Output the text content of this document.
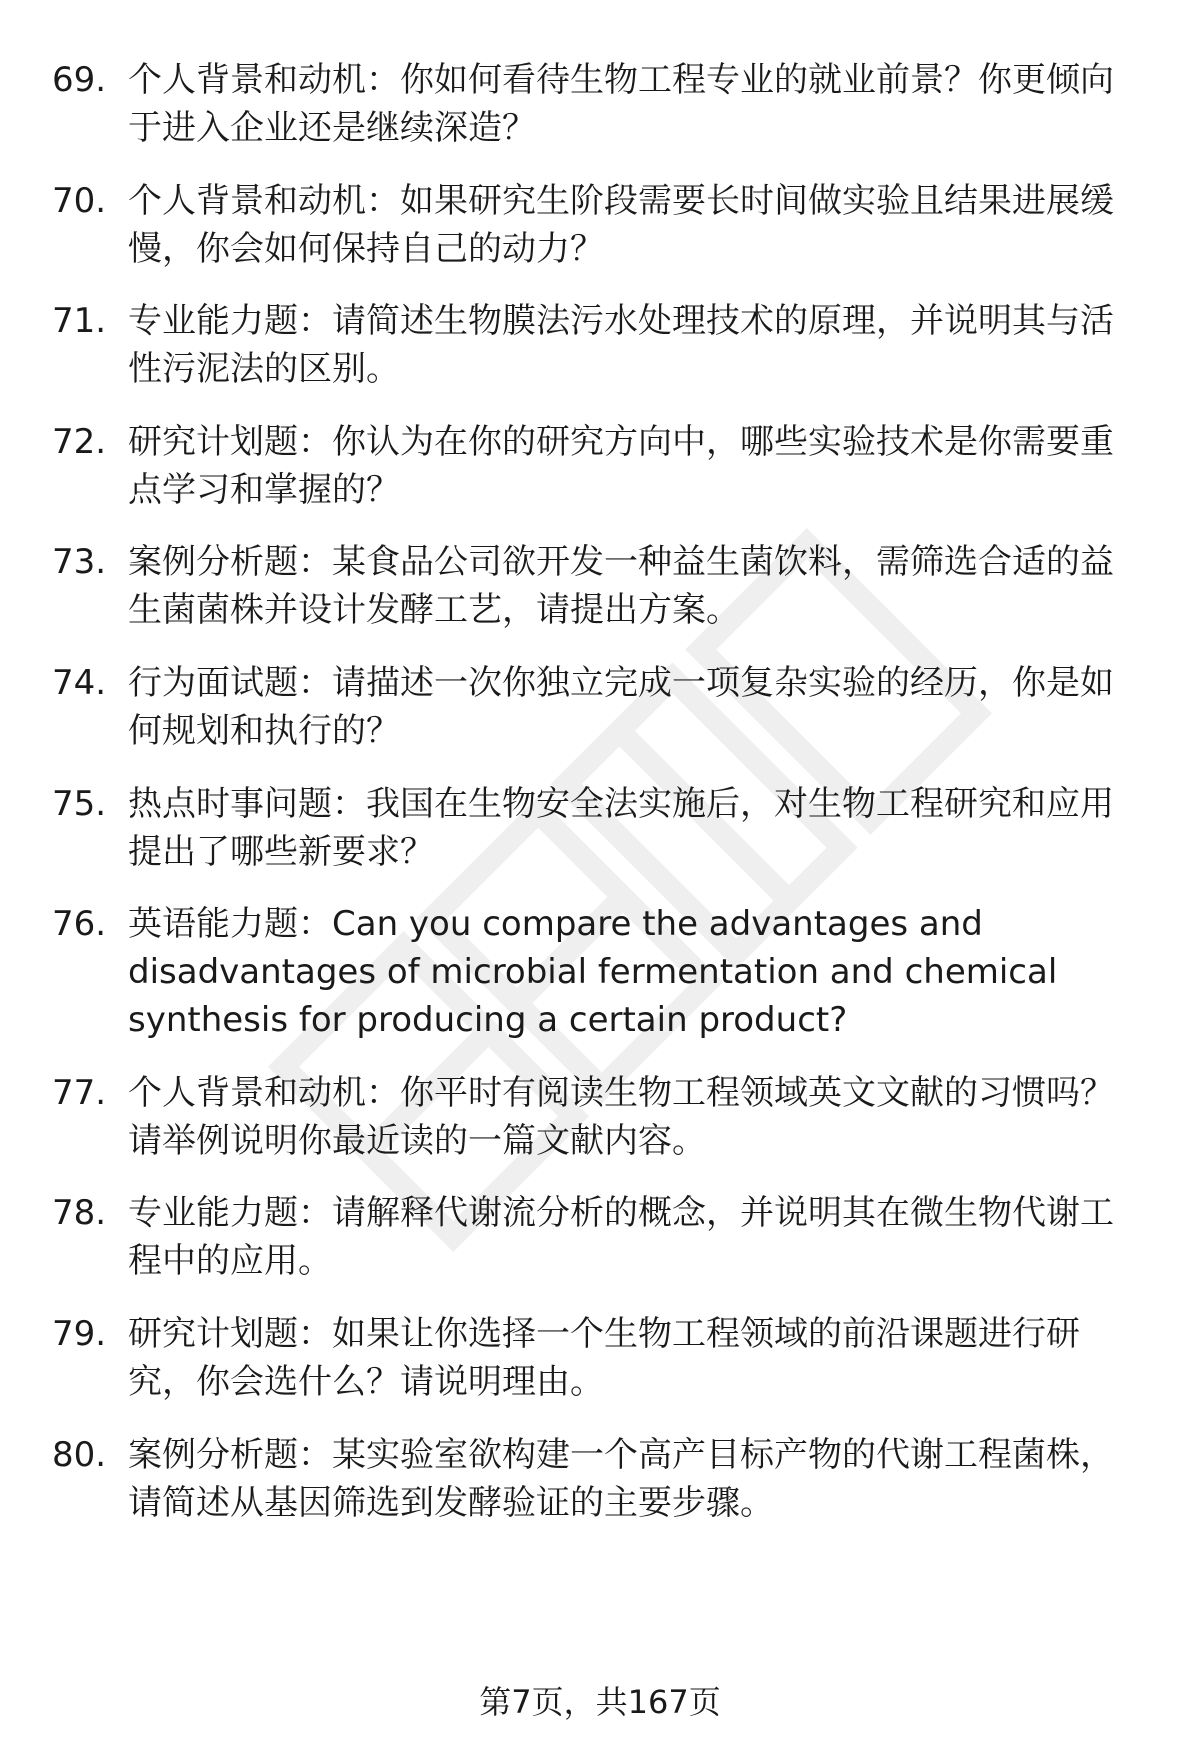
69. 个人背景和动机：你如何看待生物工程专业的就业前景？你更倾向于进入企业还是继续深造？
70. 个人背景和动机：如果研究生阶段需要长时间做实验且结果进展缓慢，你会如何保持自己的动力？
71. 专业能力题：请简述生物膜法污水处理技术的原理，并说明其与活性污泥法的区别。
72. 研究计划题：你认为在你的研究方向中，哪些实验技术是你需要重点学习和掌握的？
73. 案例分析题：某食品公司欲开发一种益生菌饮料，需筛选合适的益生菌菌株并设计发酵工艺，请提出方案。
74. 行为面试题：请描述一次你独立完成一项复杂实验的经历，你是如何规划和执行的？
75. 热点时事问题：我国在生物安全法实施后，对生物工程研究和应用提出了哪些新要求？
76. 英语能力题：Can you compare the advantages and disadvantages of microbial fermentation and chemical synthesis for producing a certain product?
77. 个人背景和动机：你平时有阅读生物工程领域英文文献的习惯吗？请举例说明你最近读的一篇文献内容。
78. 专业能力题：请解释代谢流分析的概念，并说明其在微生物代谢工程中的应用。
79. 研究计划题：如果让你选择一个生物工程领域的前沿课题进行研究，你会选什么？请说明理由。
80. 案例分析题：某实验室欲构建一个高产目标产物的代谢工程菌株，请简述从基因筛选到发酵验证的主要步骤。
第7页，共167页
